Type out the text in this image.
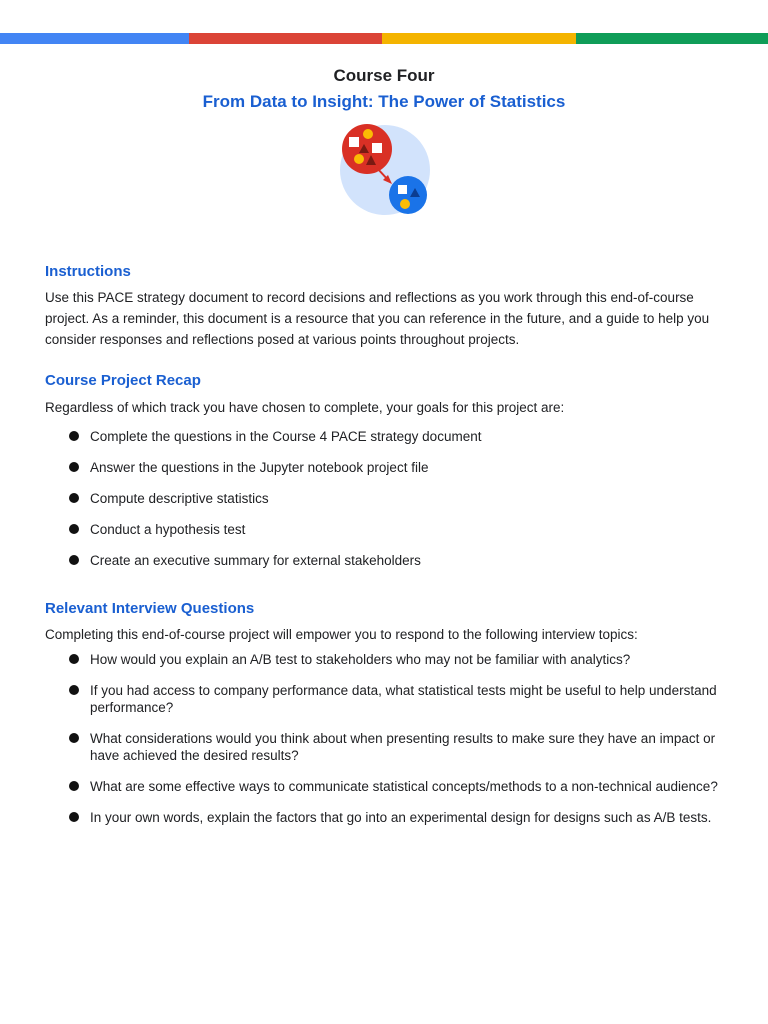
Course Four
From Data to Insight: The Power of Statistics
Instructions
Use this PACE strategy document to record decisions and reflections as you work through this end-of-course project. As a reminder, this document is a resource that you can reference in the future, and a guide to help you consider responses and reflections posed at various points throughout projects.
Course Project Recap
Regardless of which track you have chosen to complete, your goals for this project are:
Complete the questions in the Course 4 PACE strategy document
Answer the questions in the Jupyter notebook project file
Compute descriptive statistics
Conduct a hypothesis test
Create an executive summary for external stakeholders
Relevant Interview Questions
Completing this end-of-course project will empower you to respond to the following interview topics:
How would you explain an A/B test to stakeholders who may not be familiar with analytics?
If you had access to company performance data, what statistical tests might be useful to help understand performance?
What considerations would you think about when presenting results to make sure they have an impact or have achieved the desired results?
What are some effective ways to communicate statistical concepts/methods to a non-technical audience?
In your own words, explain the factors that go into an experimental design for designs such as A/B tests.
